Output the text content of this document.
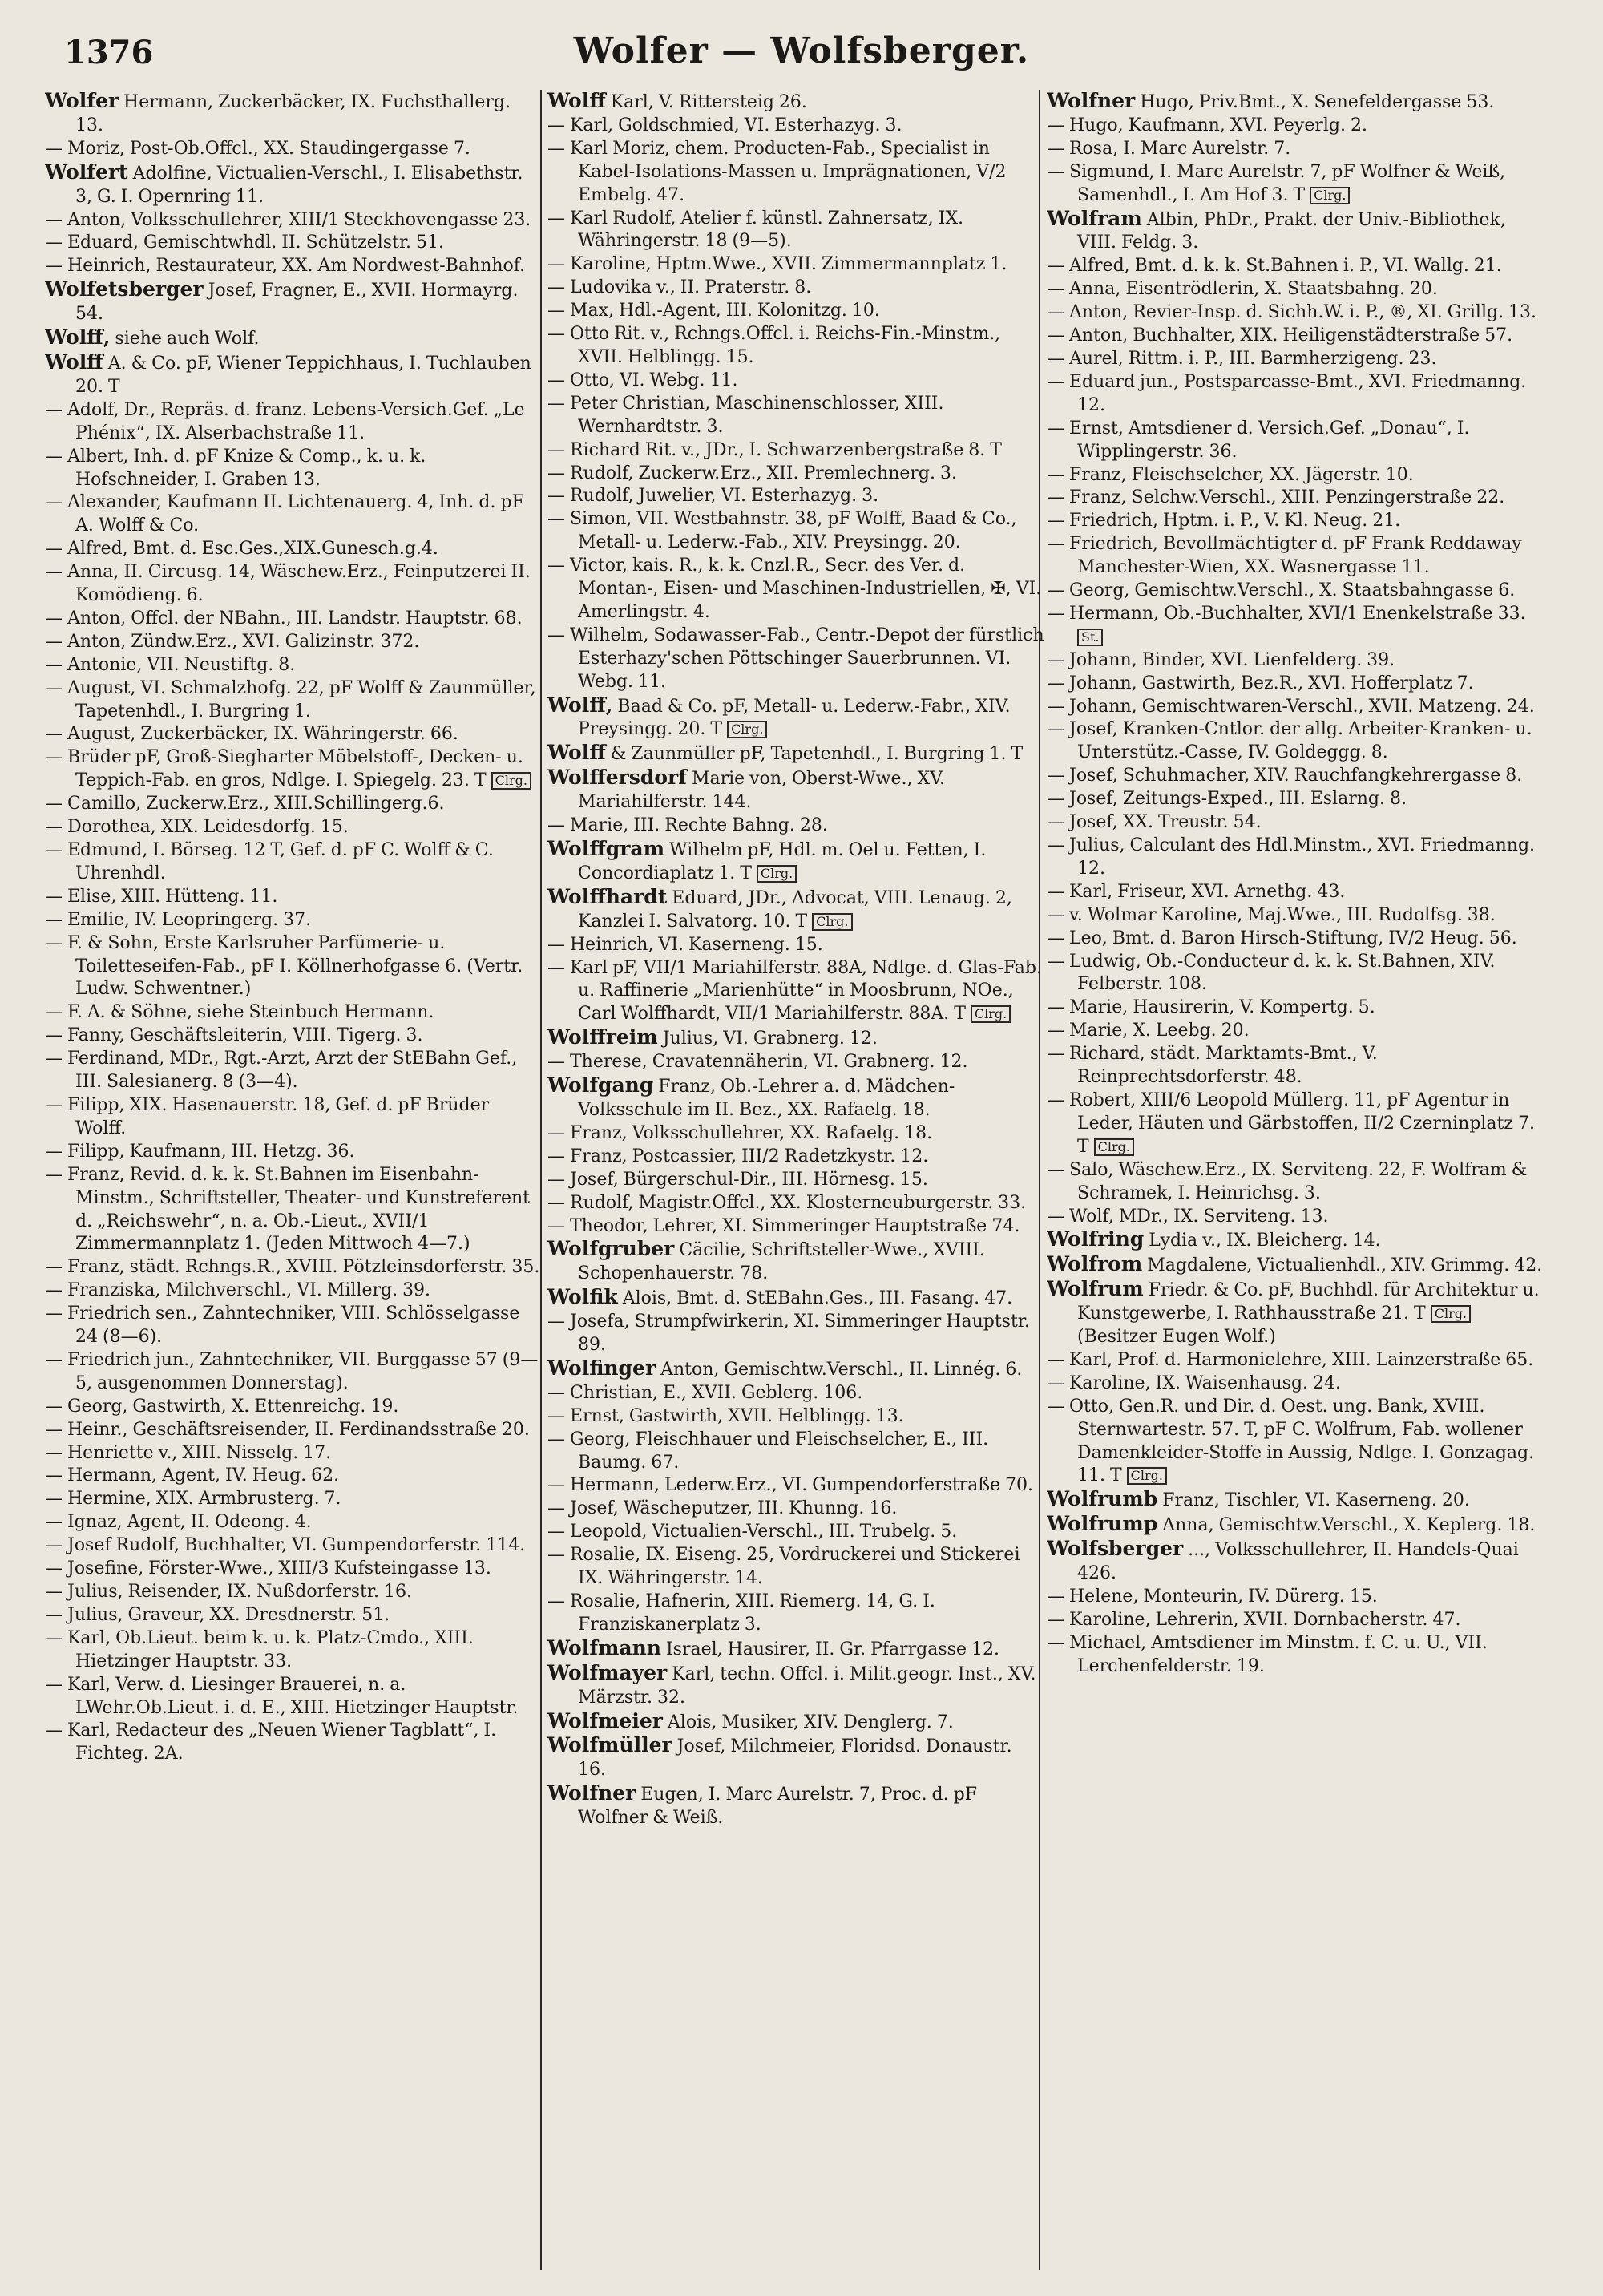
1376	Wolfer — Wolfsberger.
Wolfer Hermann, Zuckerbäcker, IX. Fuchsthallerg. 13.
— Moriz, Post-Ob.Offcl., XX. Staudingergasse 7.
Wolfert Adolfine, Victualien-Verschl., I. Elisabethstr. 3, G. I. Opernring 11.
— Anton, Volksschullehrer, XIII/1 Steckhovengasse 23.
— Eduard, Gemischtwhdl. II. Schützelstr. 51.
— Heinrich, Restaurateur, XX. Am Nordwest-Bahnhof.
Wolfetsberger Josef, Fragner, E., XVII. Hormayrg. 54.
Wolff, siehe auch Wolf.
Wolff A. & Co. pF, Wiener Teppichhaus, I. Tuchlauben 20. T
— Adolf, Dr., Repräs. d. franz. Lebens-Versich.Gef. „Le Phénix“, IX. Alserbachstraße 11.
— Albert, Inh. d. pF Knize & Comp., k. u. k. Hofschneider, I. Graben 13.
— Alexander, Kaufmann II. Lichtenauerg. 4, Inh. d. pF A. Wolff & Co.
— Alfred, Bmt. d. Esc.Ges.,XIX.Gunesch.g.4.
— Anna, II. Circusg. 14, Wäschew.Erz., Feinputzerei II. Komödieng. 6.
— Anton, Offcl. der NBahn., III. Landstr. Hauptstr. 68.
— Anton, Zündw.Erz., XVI. Galizinstr. 372.
— Antonie, VII. Neustiftg. 8.
— August, VI. Schmalzhofg. 22, pF Wolff & Zaunmüller, Tapetenhdl., I. Burgring 1.
— August, Zuckerbäcker, IX. Währingerstr. 66.
— Brüder pF, Groß-Siegharter Möbelstoff-, Decken- u. Teppich-Fab. en gros, Ndlge. I. Spiegelg. 23. T Clrg.
— Camillo, Zuckerw.Erz., XIII.Schillingerg.6.
— Dorothea, XIX. Leidesdorfg. 15.
— Edmund, I. Börseg. 12 T, Gef. d. pF C. Wolff & C. Uhrenhdl.
— Elise, XIII. Hütteng. 11.
— Emilie, IV. Leopringerg. 37.
— F. & Sohn, Erste Karlsruher Parfümerie- u. Toiletteseifen-Fab., pF I. Köllnerhofgasse 6. (Vertr. Ludw. Schwentner.)
— F. A. & Söhne, siehe Steinbuch Hermann.
— Fanny, Geschäftsleiterin, VIII. Tigerg. 3.
— Ferdinand, MDr., Rgt.-Arzt, Arzt der StEBahn Gef., III. Salesianerg. 8 (3—4).
— Filipp, XIX. Hasenauerstr. 18, Gef. d. pF Brüder Wolff.
— Filipp, Kaufmann, III. Hetzg. 36.
— Franz, Revid. d. k. k. St.Bahnen im Eisenbahn-Minstm., Schriftsteller, Theater- und Kunstreferent d. „Reichswehr“, n. a. Ob.-Lieut., XVII/1 Zimmermannplatz 1. (Jeden Mittwoch 4—7.)
— Franz, städt. Rchngs.R., XVIII. Pötzleinsdorferstr. 35.
— Franziska, Milchverschl., VI. Millerg. 39.
— Friedrich sen., Zahntechniker, VIII. Schlösselgasse 24 (8—6).
— Friedrich jun., Zahntechniker, VII. Burggasse 57 (9—5, ausgenommen Donnerstag).
— Georg, Gastwirth, X. Ettenreichg. 19.
— Heinr., Geschäftsreisender, II. Ferdinandsstraße 20.
— Henriette v., XIII. Nisselg. 17.
— Hermann, Agent, IV. Heug. 62.
— Hermine, XIX. Armbrusterg. 7.
— Ignaz, Agent, II. Odeong. 4.
— Josef Rudolf, Buchhalter, VI. Gumpendorferstr. 114.
— Josefine, Förster-Wwe., XIII/3 Kufsteingasse 13.
— Julius, Reisender, IX. Nußdorferstr. 16.
— Julius, Graveur, XX. Dresdnerstr. 51.
— Karl, Ob.Lieut. beim k. u. k. Platz-Cmdo., XIII. Hietzinger Hauptstr. 33.
— Karl, Verw. d. Liesinger Brauerei, n. a. LWehr.Ob.Lieut. i. d. E., XIII. Hietzinger Hauptstr.
— Karl, Redacteur des „Neuen Wiener Tagblatt“, I. Fichteg. 2A.
Wolff Karl, V. Rittersteig 26.
— Karl, Goldschmied, VI. Esterhazyg. 3.
— Karl Moriz, chem. Producten-Fab., Specialist in Kabel-Isolations-Massen u. Imprägnationen, V/2 Embelg. 47.
— Karl Rudolf, Atelier f. künstl. Zahnersatz, IX. Währingerstr. 18 (9—5).
— Karoline, Hptm.Wwe., XVII. Zimmermannplatz 1.
— Ludovika v., II. Praterstr. 8.
— Max, Hdl.-Agent, III. Kolonitzg. 10.
— Otto Rit. v., Rchngs.Offcl. i. Reichs-Fin.-Minstm., XVII. Helblingg. 15.
— Otto, VI. Webg. 11.
— Peter Christian, Maschinenschlosser, XIII. Wernhardtstr. 3.
— Richard Rit. v., JDr., I. Schwarzenbergstraße 8. T
— Rudolf, Zuckerw.Erz., XII. Premlechnerg. 3.
— Rudolf, Juwelier, VI. Esterhazyg. 3.
— Simon, VII. Westbahnstr. 38, pF Wolff, Baad & Co., Metall- u. Lederw.-Fab., XIV. Preysingg. 20.
— Victor, kais. R., k. k. Cnzl.R., Secr. des Ver. d. Montan-, Eisen- und Maschinen-Industriellen, ✠, VI. Amerlingstr. 4.
— Wilhelm, Sodawasser-Fab., Centr.-Depot der fürstlich Esterhazy'schen Pöttschinger Sauerbrunnen. VI. Webg. 11.
Wolff, Baad & Co. pF, Metall- u. Lederw.-Fabr., XIV. Preysingg. 20. T Clrg.
Wolff & Zaunmüller pF, Tapetenhdl., I. Burgring 1. T
Wolffersdorf Marie von, Oberst-Wwe., XV. Mariahilferstr. 144.
— Marie, III. Rechte Bahng. 28.
Wolffgram Wilhelm pF, Hdl. m. Oel u. Fetten, I. Concordiaplatz 1. T Clrg.
Wolffhardt Eduard, JDr., Advocat, VIII. Lenaug. 2, Kanzlei I. Salvatorg. 10. T Clrg.
— Heinrich, VI. Kaserneng. 15.
— Karl pF, VII/1 Mariahilferstr. 88A, Ndlge. d. Glas-Fab. u. Raffinerie „Marienhütte“ in Moosbrunn, NOe., Carl Wolffhardt, VII/1 Mariahilferstr. 88A. T Clrg.
Wolffreim Julius, VI. Grabnerg. 12.
— Therese, Cravatennäherin, VI. Grabnerg. 12.
Wolfgang Franz, Ob.-Lehrer a. d. Mädchen-Volksschule im II. Bez., XX. Rafaelg. 18.
— Franz, Volksschullehrer, XX. Rafaelg. 18.
— Franz, Postcassier, III/2 Radetzkystr. 12.
— Josef, Bürgerschul-Dir., III. Hörnesg. 15.
— Rudolf, Magistr.Offcl., XX. Klosterneuburgerstr. 33.
— Theodor, Lehrer, XI. Simmeringer Hauptstraße 74.
Wolfgruber Cäcilie, Schriftsteller-Wwe., XVIII. Schopenhauerstr. 78.
Wolfik Alois, Bmt. d. StEBahn.Ges., III. Fasang. 47.
— Josefa, Strumpfwirkerin, XI. Simmeringer Hauptstr. 89.
Wolfinger Anton, Gemischtw.Verschl., II. Linnég. 6.
— Christian, E., XVII. Geblerg. 106.
— Ernst, Gastwirth, XVII. Helblingg. 13.
— Georg, Fleischhauer und Fleischselcher, E., III. Baumg. 67.
— Hermann, Lederw.Erz., VI. Gumpendorferstraße 70.
— Josef, Wäscheputzer, III. Khunng. 16.
— Leopold, Victualien-Verschl., III. Trubelg. 5.
— Rosalie, IX. Eiseng. 25, Vordruckerei und Stickerei IX. Währingerstr. 14.
— Rosalie, Hafnerin, XIII. Riemerg. 14, G. I. Franziskanerplatz 3.
Wolfmann Israel, Hausirer, II. Gr. Pfarrgasse 12.
Wolfmayer Karl, techn. Offcl. i. Milit.geogr. Inst., XV. Märzstr. 32.
Wolfmeier Alois, Musiker, XIV. Denglerg. 7.
Wolfmüller Josef, Milchmeier, Floridsd. Donaustr. 16.
Wolfner Eugen, I. Marc Aurelstr. 7, Proc. d. pF Wolfner & Weiß.
Wolfner Hugo, Priv.Bmt., X. Senefeldergasse 53.
— Hugo, Kaufmann, XVI. Peyerlg. 2.
— Rosa, I. Marc Aurelstr. 7.
— Sigmund, I. Marc Aurelstr. 7, pF Wolfner & Weiß, Samenhdl., I. Am Hof 3. T Clrg.
Wolfram Albin, PhDr., Prakt. der Univ.-Bibliothek, VIII. Feldg. 3.
— Alfred, Bmt. d. k. k. St.Bahnen i. P., VI. Wallg. 21.
— Anna, Eisentrödlerin, X. Staatsbahng. 20.
— Anton, Revier-Insp. d. Sichh.W. i. P., ®, XI. Grillg. 13.
— Anton, Buchhalter, XIX. Heiligenstädterstraße 57.
— Aurel, Rittm. i. P., III. Barmherzigeng. 23.
— Eduard jun., Postsparcasse-Bmt., XVI. Friedmanng. 12.
— Ernst, Amtsdiener d. Versich.Gef. „Donau“, I. Wipplingerstr. 36.
— Franz, Fleischselcher, XX. Jägerstr. 10.
— Franz, Selchw.Verschl., XIII. Penzingerstraße 22.
— Friedrich, Hptm. i. P., V. Kl. Neug. 21.
— Friedrich, Bevollmächtigter d. pF Frank Reddaway Manchester-Wien, XX. Wasnergasse 11.
— Georg, Gemischtw.Verschl., X. Staatsbahngasse 6.
— Hermann, Ob.-Buchhalter, XVI/1 Enenkelstraße 33. St.
— Johann, Binder, XVI. Lienfelderg. 39.
— Johann, Gastwirth, Bez.R., XVI. Hofferplatz 7.
— Johann, Gemischtwaren-Verschl., XVII. Matzeng. 24.
— Josef, Kranken-Cntlor. der allg. Arbeiter-Kranken- u. Unterstütz.-Casse, IV. Goldeggg. 8.
— Josef, Schuhmacher, XIV. Rauchfangkehrergasse 8.
— Josef, Zeitungs-Exped., III. Eslarng. 8.
— Josef, XX. Treustr. 54.
— Julius, Calculant des Hdl.Minstm., XVI. Friedmanng. 12.
— Karl, Friseur, XVI. Arnethg. 43.
— v. Wolmar Karoline, Maj.Wwe., III. Rudolfsg. 38.
— Leo, Bmt. d. Baron Hirsch-Stiftung, IV/2 Heug. 56.
— Ludwig, Ob.-Conducteur d. k. k. St.Bahnen, XIV. Felberstr. 108.
— Marie, Hausirerin, V. Kompertg. 5.
— Marie, X. Leebg. 20.
— Richard, städt. Marktamts-Bmt., V. Reinprechtsdorferstr. 48.
— Robert, XIII/6 Leopold Müllerg. 11, pF Agentur in Leder, Häuten und Gärbstoffen, II/2 Czerninplatz 7. T Clrg.
— Salo, Wäschew.Erz., IX. Serviteng. 22, F. Wolfram & Schramek, I. Heinrichsg. 3.
— Wolf, MDr., IX. Serviteng. 13.
Wolfring Lydia v., IX. Bleicherg. 14.
Wolfrom Magdalene, Victualienhdl., XIV. Grimmg. 42.
Wolfrum Friedr. & Co. pF, Buchhdl. für Architektur u. Kunstgewerbe, I. Rathhausstraße 21. T Clrg. (Besitzer Eugen Wolf.)
— Karl, Prof. d. Harmonielehre, XIII. Lainzerstraße 65.
— Karoline, IX. Waisenhausg. 24.
— Otto, Gen.R. und Dir. d. Oest. ung. Bank, XVIII. Sternwartestr. 57. T, pF C. Wolfrum, Fab. wollener Damenkleider-Stoffe in Aussig, Ndlge. I. Gonzagag. 11. T Clrg.
Wolfrumb Franz, Tischler, VI. Kaserneng. 20.
Wolfrump Anna, Gemischtw.Verschl., X. Keplerg. 18.
Wolfsberger ..., Volksschullehrer, II. Handels-Quai 426.
— Helene, Monteurin, IV. Dürerg. 15.
— Karoline, Lehrerin, XVII. Dornbacherstr. 47.
— Michael, Amtsdiener im Minstm. f. C. u. U., VII. Lerchenfelderstr. 19.
